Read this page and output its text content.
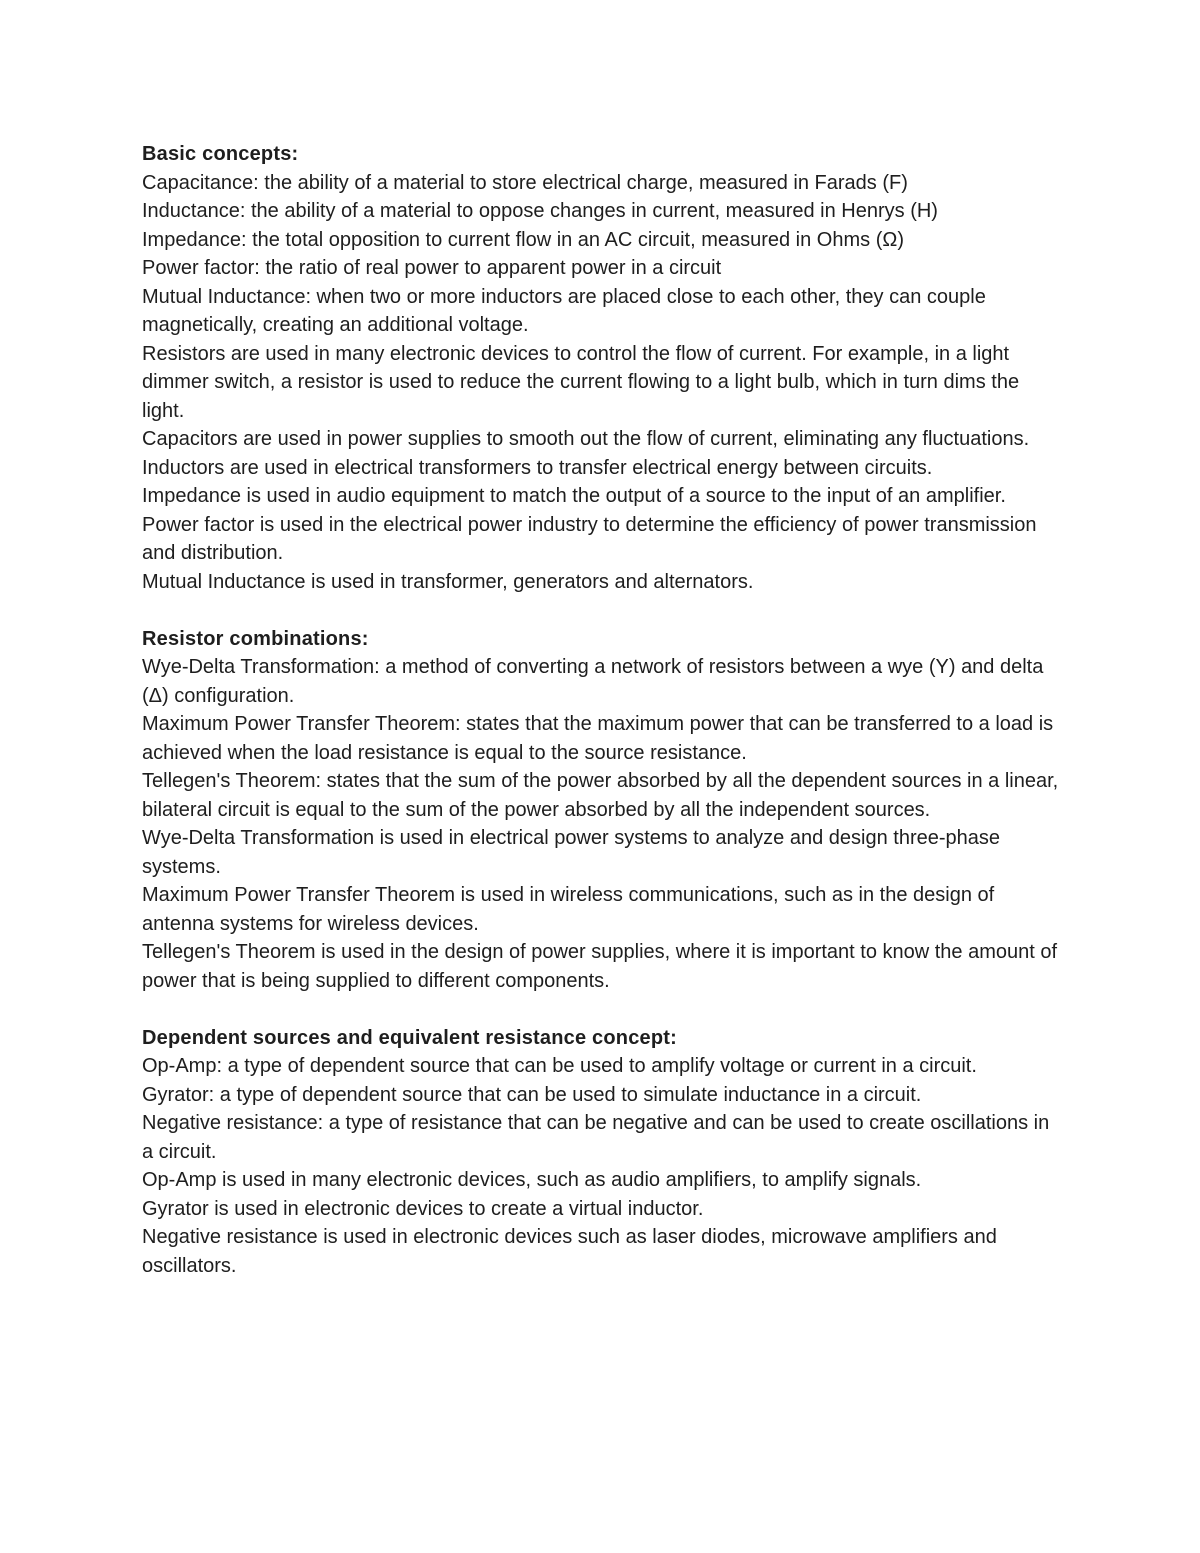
Basic concepts:

Capacitance: the ability of a material to store electrical charge, measured in Farads (F)

Inductance: the ability of a material to oppose changes in current, measured in Henrys (H)

Impedance: the total opposition to current flow in an AC circuit, measured in Ohms (Ω)

Power factor: the ratio of real power to apparent power in a circuit

Mutual Inductance: when two or more inductors are placed close to each other, they can couple magnetically, creating an additional voltage.

Resistors are used in many electronic devices to control the flow of current. For example, in a light dimmer switch, a resistor is used to reduce the current flowing to a light bulb, which in turn dims the light.

Capacitors are used in power supplies to smooth out the flow of current, eliminating any fluctuations.

Inductors are used in electrical transformers to transfer electrical energy between circuits.

Impedance is used in audio equipment to match the output of a source to the input of an amplifier.

Power factor is used in the electrical power industry to determine the efficiency of power transmission and distribution.

Mutual Inductance is used in transformer, generators and alternators.

Resistor combinations:

Wye-Delta Transformation: a method of converting a network of resistors between a wye (Y) and delta (Δ) configuration.

Maximum Power Transfer Theorem: states that the maximum power that can be transferred to a load is achieved when the load resistance is equal to the source resistance.

Tellegen's Theorem: states that the sum of the power absorbed by all the dependent sources in a linear, bilateral circuit is equal to the sum of the power absorbed by all the independent sources.

Wye-Delta Transformation is used in electrical power systems to analyze and design three-phase systems.

Maximum Power Transfer Theorem is used in wireless communications, such as in the design of antenna systems for wireless devices.

Tellegen's Theorem is used in the design of power supplies, where it is important to know the amount of power that is being supplied to different components.

Dependent sources and equivalent resistance concept:

Op-Amp: a type of dependent source that can be used to amplify voltage or current in a circuit.

Gyrator: a type of dependent source that can be used to simulate inductance in a circuit.

Negative resistance: a type of resistance that can be negative and can be used to create oscillations in a circuit.

Op-Amp is used in many electronic devices, such as audio amplifiers, to amplify signals.

Gyrator is used in electronic devices to create a virtual inductor.

Negative resistance is used in electronic devices such as laser diodes, microwave amplifiers and oscillators.
